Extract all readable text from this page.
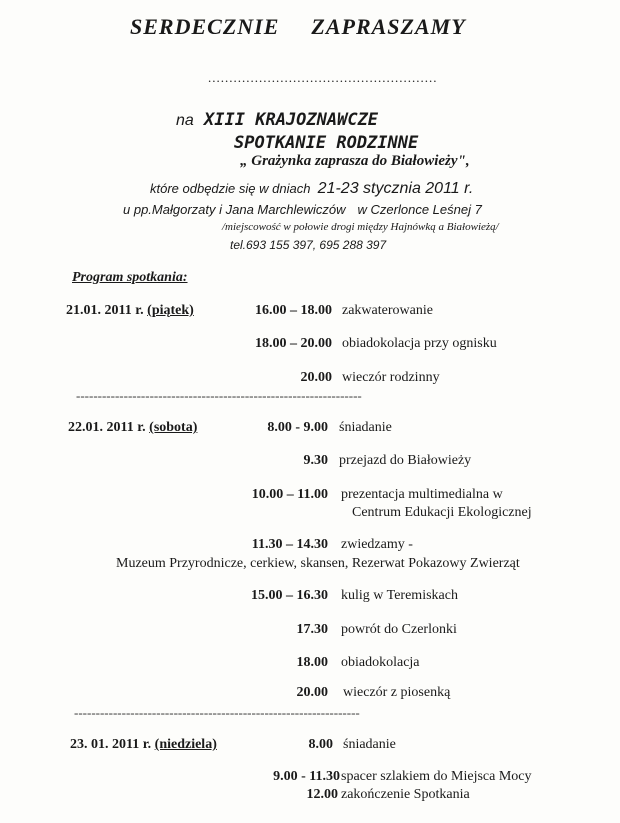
SERDECZNIE ZAPRASZAMY
......................................................
na XIII KRAJOZNAWCZE
SPOTKANIE RODZINNE
„ Grażynka zaprasza do Białowieży",
które odbędzie się w dniach 21-23 stycznia 2011 r.
u pp.Małgorzaty i Jana Marchlewiczów w Czerlonce Leśnej 7
/miejscowość w połowie drogi między Hajnówką a Białowieżą/
tel.693 155 397, 695 288 397
Program spotkania:
21.01. 2011 r. (piątek)	16.00 – 18.00 zakwaterowanie
18.00 – 20.00 obiadokolacja przy ognisku
20.00 wieczór rodzinny
------------------------------------------------------------------
22.01. 2011 r. (sobota)	8.00 - 9.00 śniadanie
9.30 przejazd do Białowieży
10.00 – 11.00 prezentacja multimedialna w
Centrum Edukacji Ekologicznej
11.30 – 14.30 zwiedzamy -
Muzeum Przyrodnicze, cerkiew, skansen, Rezerwat Pokazowy Zwierząt
15.00 – 16.30 kulig w Teremiskach
17.30 powrót do Czerlonki
18.00 obiadokolacja
20.00 wieczór z piosenką
------------------------------------------------------------------
23. 01. 2011 r. (niedziela)	8.00 śniadanie
9.00 - 11.30 spacer szlakiem do Miejsca Mocy
12.00 zakończenie Spotkania
